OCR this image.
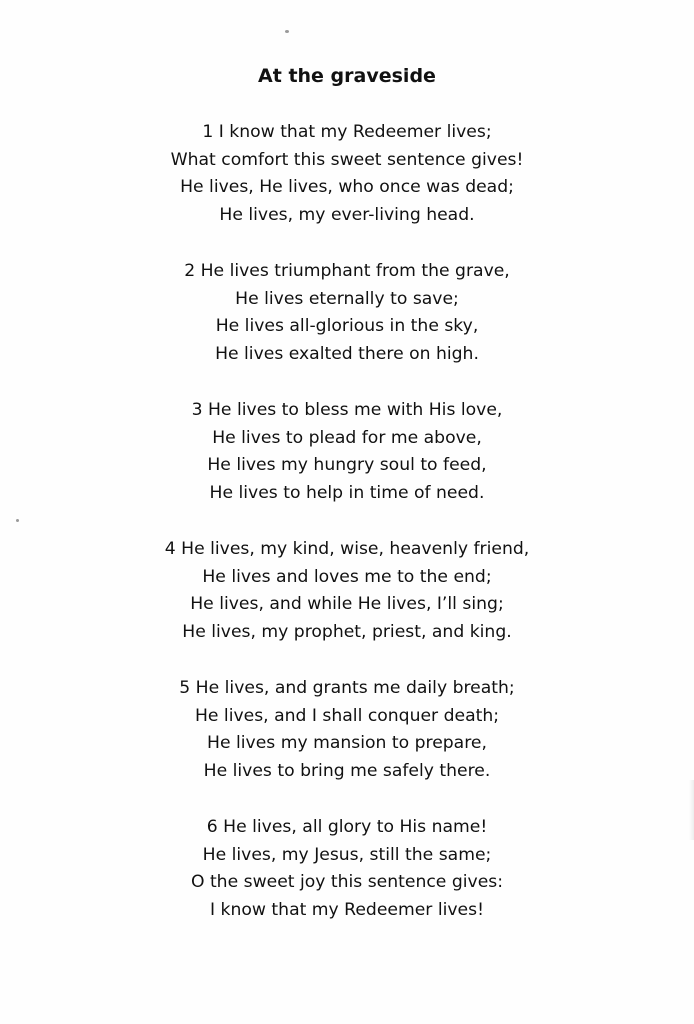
At the graveside
1 I know that my Redeemer lives;
What comfort this sweet sentence gives!
He lives, He lives, who once was dead;
He lives, my ever-living head.
2 He lives triumphant from the grave,
He lives eternally to save;
He lives all-glorious in the sky,
He lives exalted there on high.
3 He lives to bless me with His love,
He lives to plead for me above,
He lives my hungry soul to feed,
He lives to help in time of need.
4 He lives, my kind, wise, heavenly friend,
He lives and loves me to the end;
He lives, and while He lives, I’ll sing;
He lives, my prophet, priest, and king.
5 He lives, and grants me daily breath;
He lives, and I shall conquer death;
He lives my mansion to prepare,
He lives to bring me safely there.
6 He lives, all glory to His name!
He lives, my Jesus, still the same;
O the sweet joy this sentence gives:
I know that my Redeemer lives!
